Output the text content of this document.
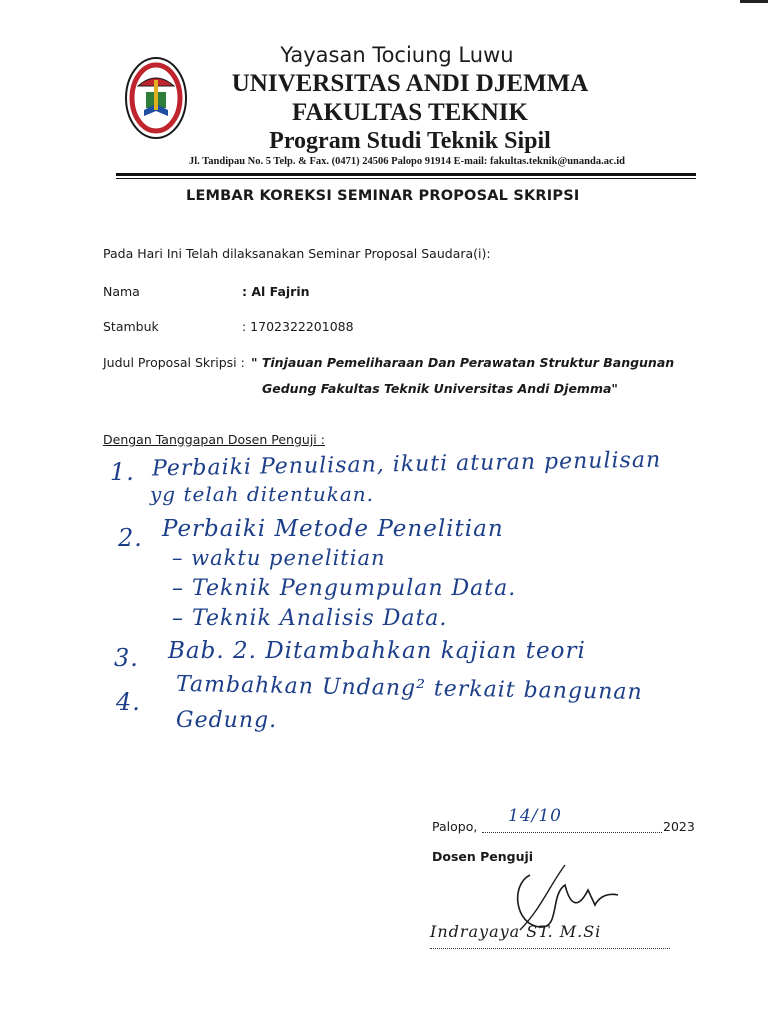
Yayasan Tociung Luwu
UNIVERSITAS ANDI DJEMMA
FAKULTAS TEKNIK
Program Studi Teknik Sipil
Jl. Tandipau No. 5 Telp. & Fax. (0471) 24506 Palopo 91914 E-mail: fakultas.teknik@unanda.ac.id
LEMBAR KOREKSI SEMINAR PROPOSAL SKRIPSI
Pada Hari Ini Telah dilaksanakan Seminar Proposal Saudara(i):
Nama	: Al Fajrin
Stambuk	: 1702322201088
Judul Proposal Skripsi : " Tinjauan Pemeliharaan Dan Perawatan Struktur Bangunan
Gedung Fakultas Teknik Universitas Andi Djemma"
Dengan Tanggapan Dosen Penguji :
1. Perbaiki Penulisan, ikuti aturan penulisan
yg telah ditentukan.
2. Perbaiki Metode Penelitian
– waktu penelitian
– Teknik Pengumpulan Data.
– Teknik Analisis Data.
3. Bab. 2. Ditambahkan kajian teori
4. Tambahkan Undang² terkait bangunan
Gedung.
Palopo,
14/10
2023
Dosen Penguji
Indrayaya ST. M.Si
